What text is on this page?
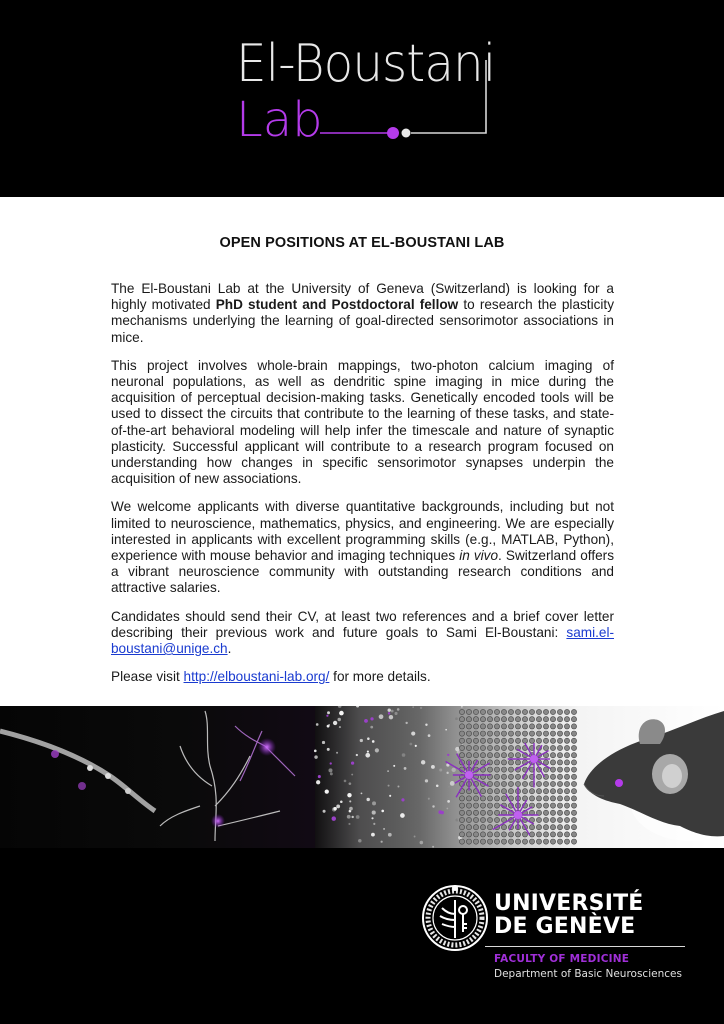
El-Boustani
Lab
OPEN POSITIONS AT EL-BOUSTANI LAB

The El-Boustani Lab at the University of Geneva (Switzerland) is looking for a highly motivated PhD student and Postdoctoral fellow to research the plasticity mechanisms underlying the learning of goal-directed sensorimotor associations in mice.

This project involves whole-brain mappings, two-photon calcium imaging of neuronal populations, as well as dendritic spine imaging in mice during the acquisition of perceptual decision-making tasks. Genetically encoded tools will be used to dissect the circuits that contribute to the learning of these tasks, and state-of-the-art behavioral modeling will help infer the timescale and nature of synaptic plasticity. Successful applicant will contribute to a research program focused on understanding how changes in specific sensorimotor synapses underpin the acquisition of new associations.

We welcome applicants with diverse quantitative backgrounds, including but not limited to neuroscience, mathematics, physics, and engineering. We are especially interested in applicants with excellent programming skills (e.g., MATLAB, Python), experience with mouse behavior and imaging techniques in vivo. Switzerland offers a vibrant neuroscience community with outstanding research conditions and attractive salaries.

Candidates should send their CV, at least two references and a brief cover letter describing their previous work and future goals to Sami El-Boustani: sami.el-boustani@unige.ch.

Please visit http://elboustani-lab.org/ for more details.

UNIVERSITÉ
DE GENÈVE
FACULTY OF MEDICINE
Department of Basic Neurosciences
